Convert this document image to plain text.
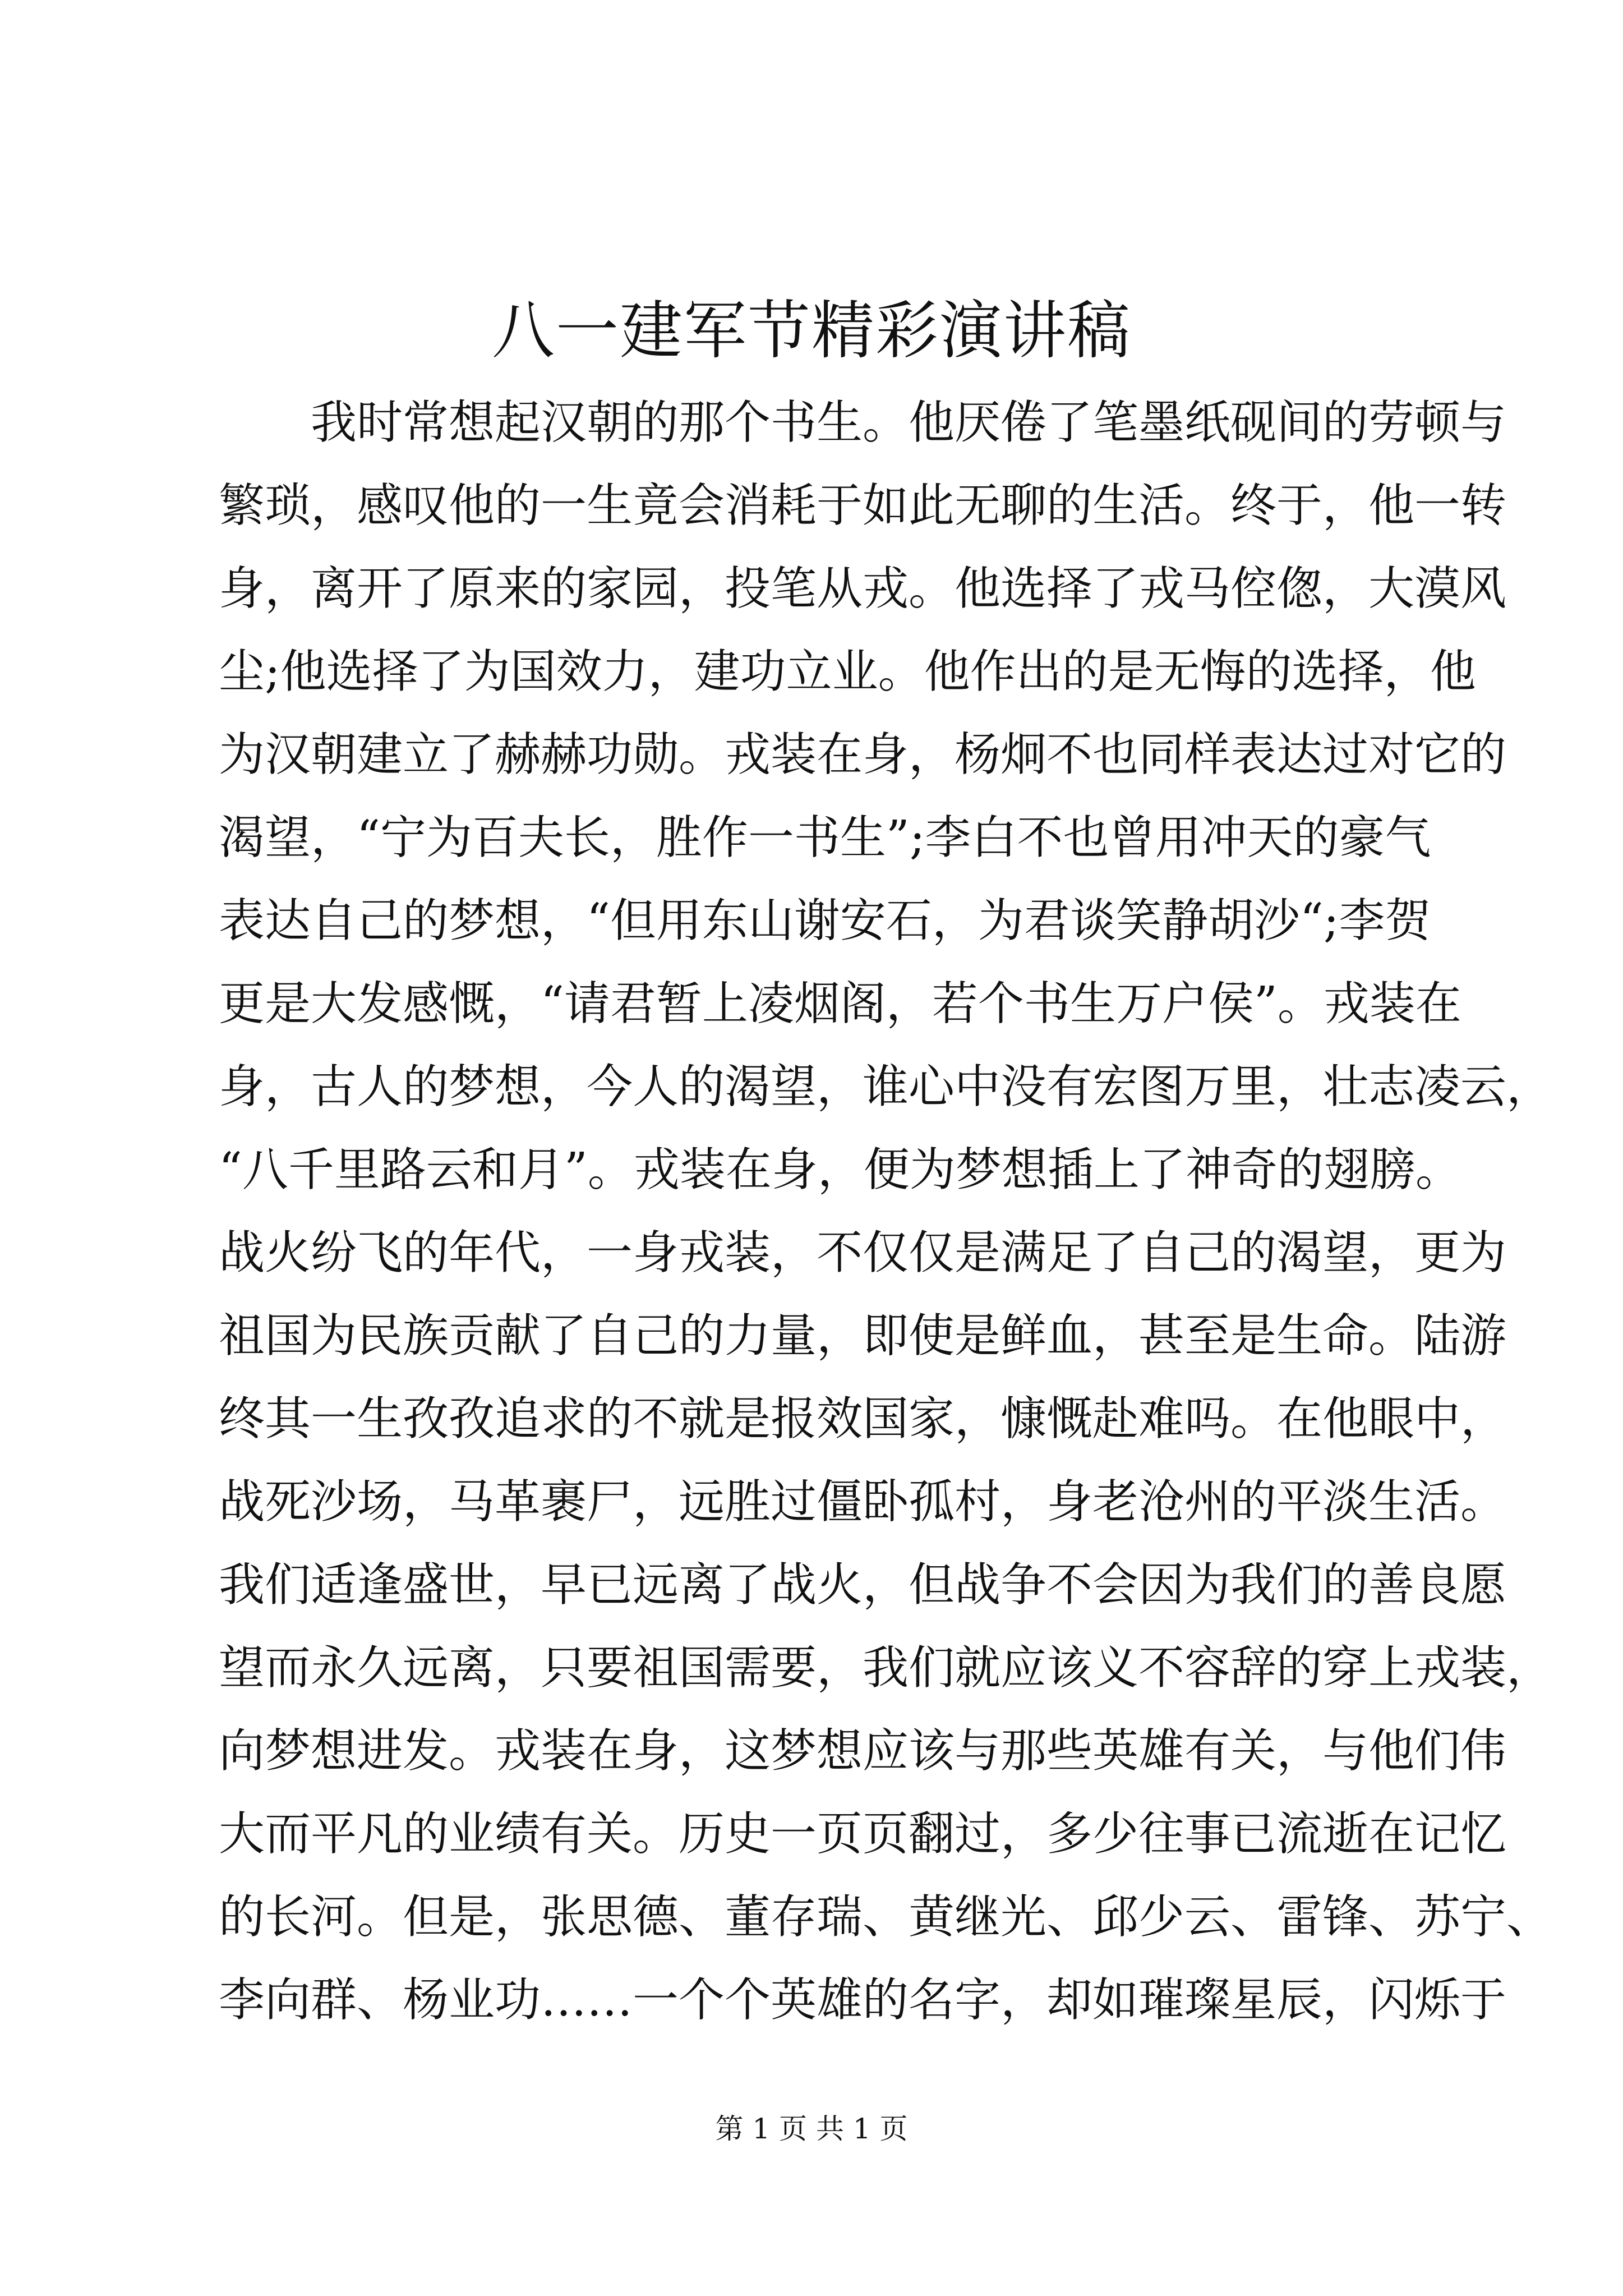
八一建军节精彩演讲稿
我时常想起汉朝的那个书生。他厌倦了笔墨纸砚间的劳顿与
繁琐，感叹他的一生竟会消耗于如此无聊的生活。终于，他一转
身，离开了原来的家园，投笔从戎。他选择了戎马倥偬，大漠风
尘;他选择了为国效力，建功立业。他作出的是无悔的选择，他
为汉朝建立了赫赫功勋。戎装在身，杨炯不也同样表达过对它的
渴望，“宁为百夫长，胜作一书生”;李白不也曾用冲天的豪气
表达自己的梦想，“但用东山谢安石，为君谈笑静胡沙“;李贺
更是大发感慨，“请君暂上凌烟阁，若个书生万户侯”。戎装在
身，古人的梦想，今人的渴望，谁心中没有宏图万里，壮志凌云，
“八千里路云和月”。戎装在身，便为梦想插上了神奇的翅膀。
战火纷飞的年代，一身戎装，不仅仅是满足了自己的渴望，更为
祖国为民族贡献了自己的力量，即使是鲜血，甚至是生命。陆游
终其一生孜孜追求的不就是报效国家，慷慨赴难吗。在他眼中，
战死沙场，马革裹尸，远胜过僵卧孤村，身老沧州的平淡生活。
我们适逢盛世，早已远离了战火，但战争不会因为我们的善良愿
望而永久远离，只要祖国需要，我们就应该义不容辞的穿上戎装，
向梦想进发。戎装在身，这梦想应该与那些英雄有关，与他们伟
大而平凡的业绩有关。历史一页页翻过，多少往事已流逝在记忆
的长河。但是，张思德、董存瑞、黄继光、邱少云、雷锋、苏宁、
李向群、杨业功……一个个英雄的名字，却如璀璨星辰，闪烁于
第 1 页 共 1 页
